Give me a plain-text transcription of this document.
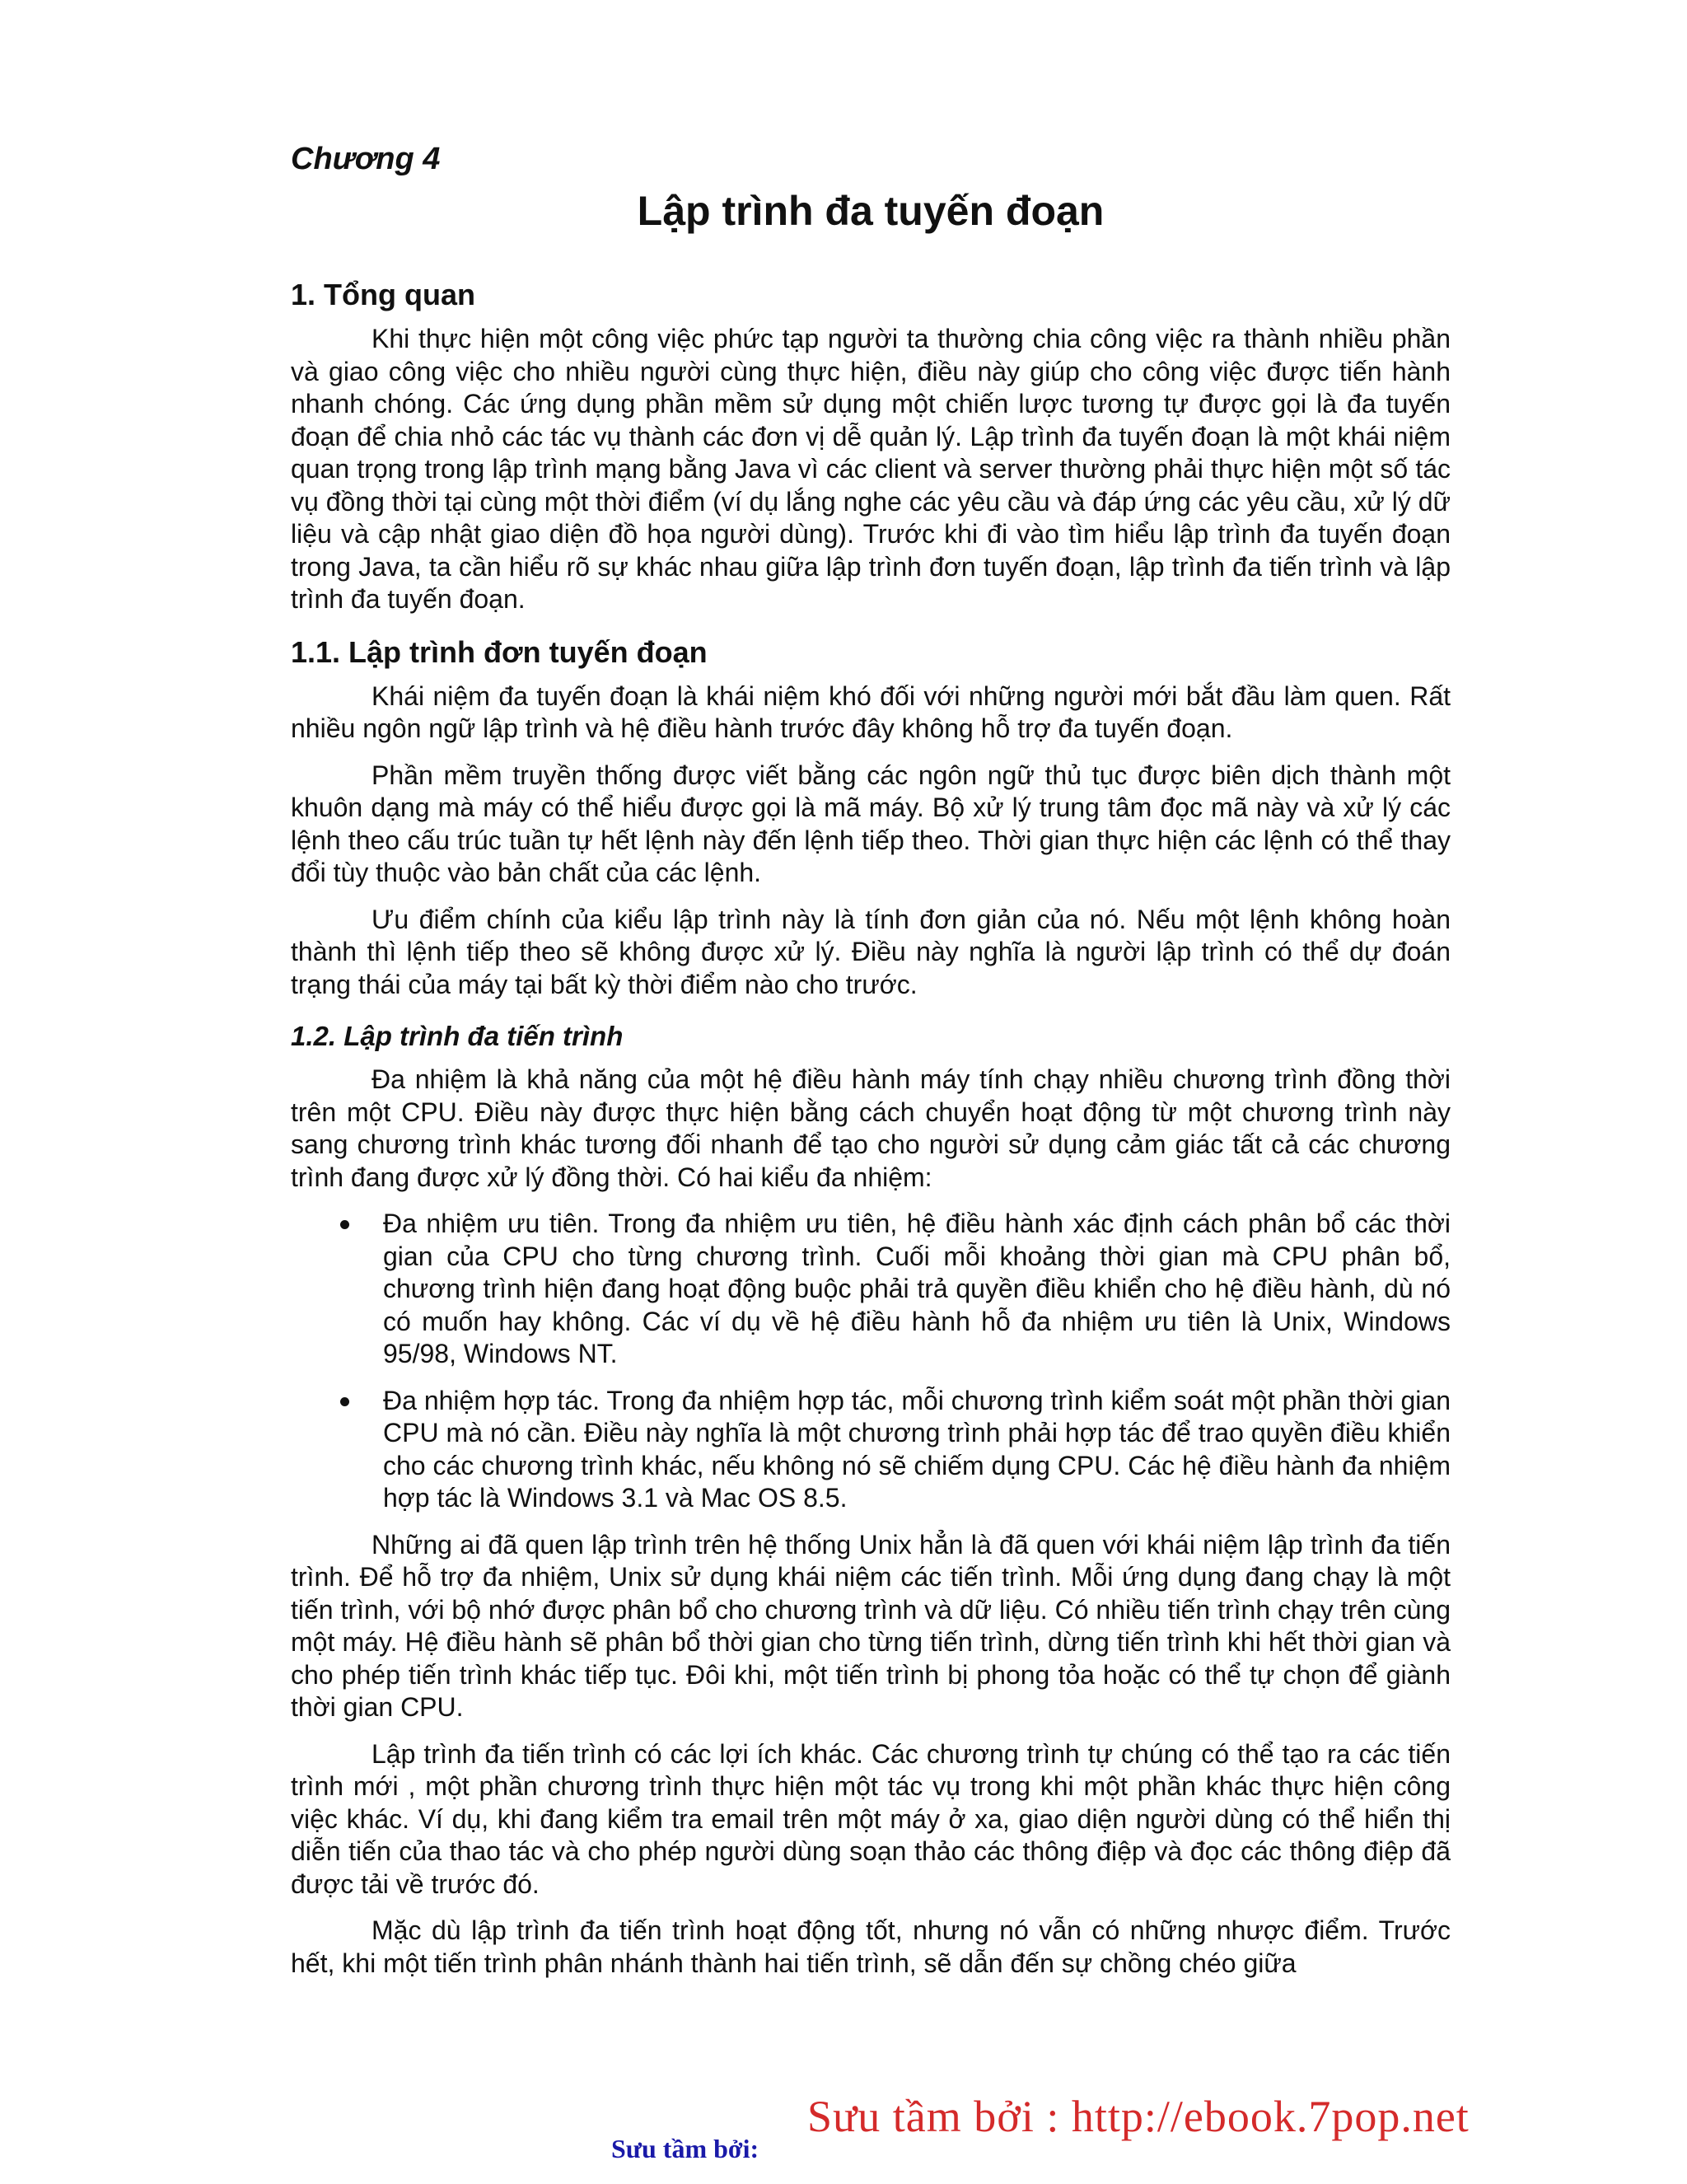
Chương 4

Lập trình đa tuyến đoạn
1. Tổng quan

Khi thực hiện một công việc phức tạp người ta thường chia công việc ra thành nhiều phần và giao công việc cho nhiều người cùng thực hiện, điều này giúp cho công việc được tiến hành nhanh chóng. Các ứng dụng phần mềm sử dụng một chiến lược tương tự được gọi là đa tuyến đoạn để chia nhỏ các tác vụ thành các đơn vị dễ quản lý. Lập trình đa tuyến đoạn là một khái niệm quan trọng trong lập trình mạng bằng Java vì các client và server thường phải thực hiện một số tác vụ đồng thời tại cùng một thời điểm (ví dụ lắng nghe các yêu cầu và đáp ứng các yêu cầu, xử lý dữ liệu và cập nhật giao diện đồ họa người dùng). Trước khi đi vào tìm hiểu lập trình đa tuyến đoạn trong Java, ta cần hiểu rõ sự khác nhau giữa lập trình đơn tuyến đoạn, lập trình đa tiến trình và lập trình đa tuyến đoạn.

1.1. Lập trình đơn tuyến đoạn

Khái niệm đa tuyến đoạn là khái niệm khó đối với những người mới bắt đầu làm quen. Rất nhiều ngôn ngữ lập trình và hệ điều hành trước đây không hỗ trợ đa tuyến đoạn.

Phần mềm truyền thống được viết bằng các ngôn ngữ thủ tục được biên dịch thành một khuôn dạng mà máy có thể hiểu được gọi là mã máy. Bộ xử lý trung tâm đọc mã này và xử lý các lệnh theo cấu trúc tuần tự hết lệnh này đến lệnh tiếp theo. Thời gian thực hiện các lệnh có thể thay đổi tùy thuộc vào bản chất của các lệnh.

Ưu điểm chính của kiểu lập trình này là tính đơn giản của nó. Nếu một lệnh không hoàn thành thì lệnh tiếp theo sẽ không được xử lý. Điều này nghĩa là người lập trình có thể dự đoán trạng thái của máy tại bất kỳ thời điểm nào cho trước.

1.2. Lập trình đa tiến trình

Đa nhiệm là khả năng của một hệ điều hành máy tính chạy nhiều chương trình đồng thời trên một CPU. Điều này được thực hiện bằng cách chuyển hoạt động từ một chương trình này sang chương trình khác tương đối nhanh để tạo cho người sử dụng cảm giác tất cả các chương trình đang được xử lý đồng thời. Có hai kiểu đa nhiệm:

Đa nhiệm ưu tiên. Trong đa nhiệm ưu tiên, hệ điều hành xác định cách phân bổ các thời gian của CPU cho từng chương trình. Cuối mỗi khoảng thời gian mà CPU phân bổ, chương trình hiện đang hoạt động buộc phải trả quyền điều khiển cho hệ điều hành, dù nó có muốn hay không. Các ví dụ về hệ điều hành hỗ đa nhiệm ưu tiên là Unix, Windows 95/98, Windows NT.
Đa nhiệm hợp tác. Trong đa nhiệm hợp tác, mỗi chương trình kiểm soát một phần thời gian CPU mà nó cần. Điều này nghĩa là một chương trình phải hợp tác để trao quyền điều khiển cho các chương trình khác, nếu không nó sẽ chiếm dụng CPU. Các hệ điều hành đa nhiệm hợp tác là Windows 3.1 và Mac OS 8.5.

Những ai đã quen lập trình trên hệ thống Unix hẳn là đã quen với khái niệm lập trình đa tiến trình. Để hỗ trợ đa nhiệm, Unix sử dụng khái niệm các tiến trình. Mỗi ứng dụng đang chạy là một tiến trình, với bộ nhớ được phân bổ cho chương trình và dữ liệu. Có nhiều tiến trình chạy trên cùng một máy. Hệ điều hành sẽ phân bổ thời gian cho từng tiến trình, dừng tiến trình khi hết thời gian và cho phép tiến trình khác tiếp tục. Đôi khi, một tiến trình bị phong tỏa hoặc có thể tự chọn để giành thời gian CPU.

Lập trình đa tiến trình có các lợi ích khác. Các chương trình tự chúng có thể tạo ra các tiến trình mới , một phần chương trình thực hiện một tác vụ trong khi một phần khác thực hiện công việc khác. Ví dụ, khi đang kiểm tra email trên một máy ở xa, giao diện người dùng có thể hiển thị diễn tiến của thao tác và cho phép người dùng soạn thảo các thông điệp và đọc các thông điệp đã được tải về trước đó.

Mặc dù lập trình đa tiến trình hoạt động tốt, nhưng nó vẫn có những nhược điểm. Trước hết, khi một tiến trình phân nhánh thành hai tiến trình, sẽ dẫn đến sự chồng chéo giữa

Sưu tầm bởi:
Sưu tầm bởi : http://ebook.7pop.net
